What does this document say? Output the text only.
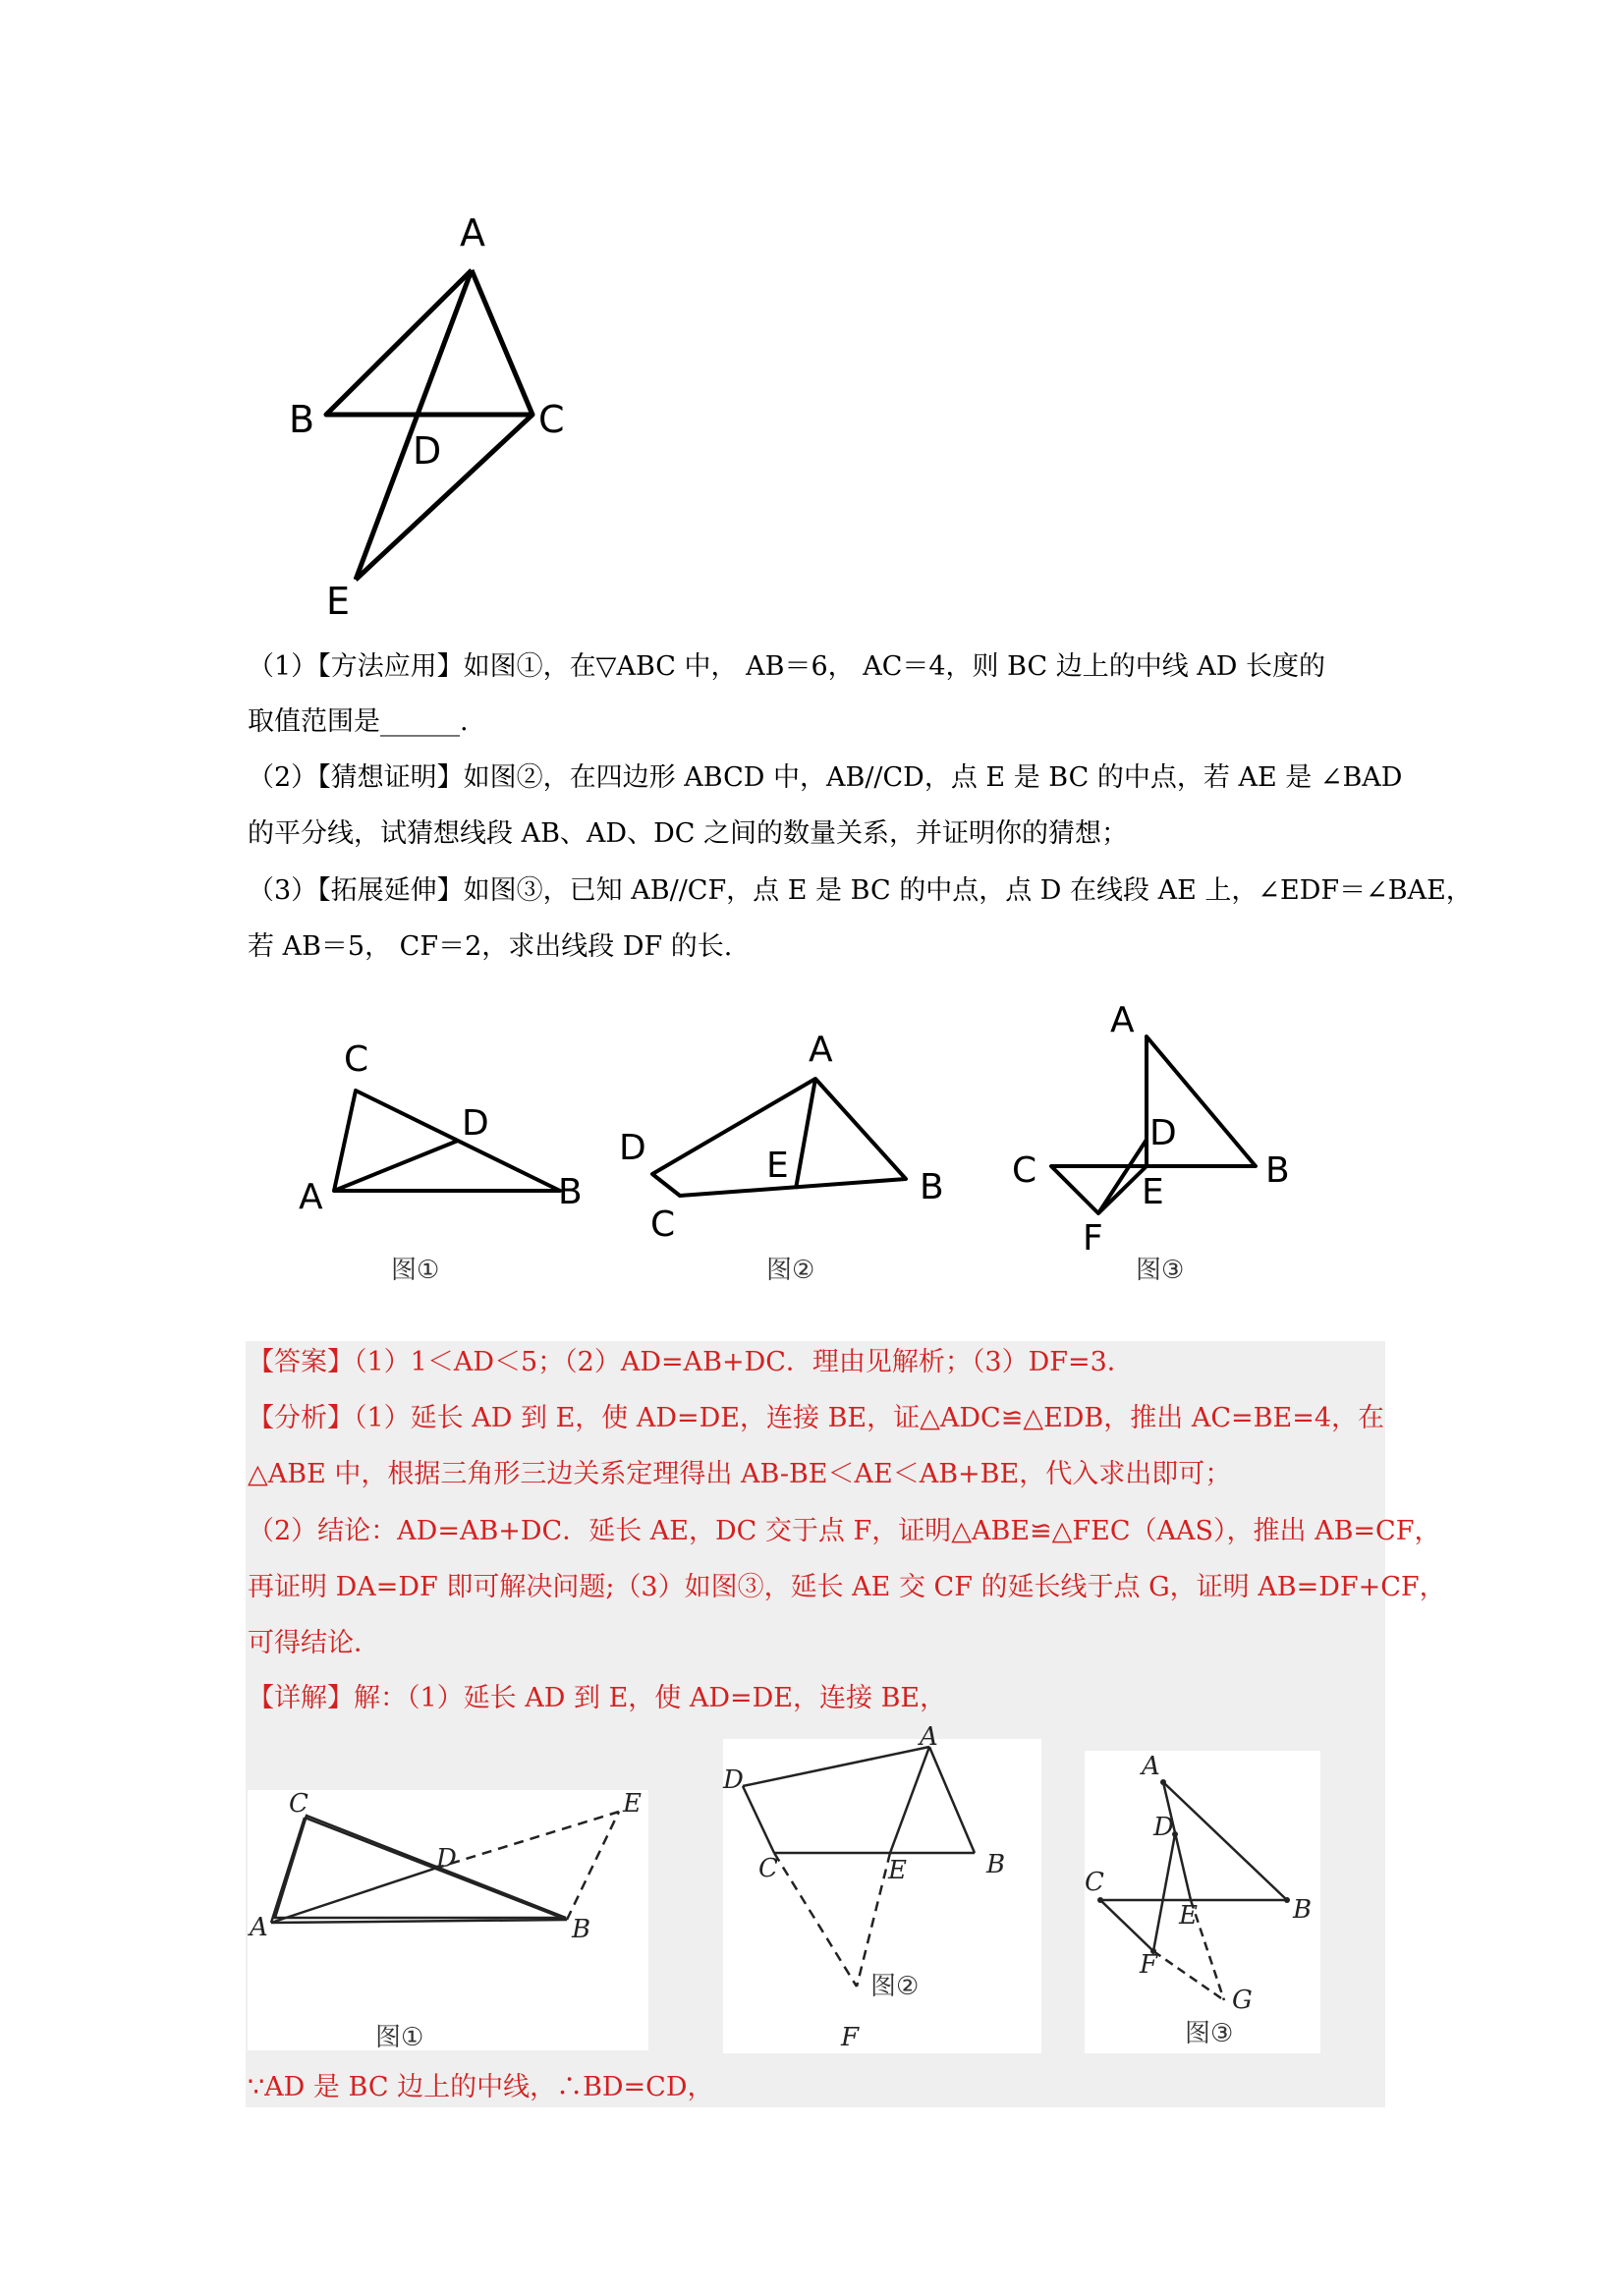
A
B	C
D
E
（1）【方法应用】如图①，在▽ABC 中， AB＝6， AC＝4，则 BC 边上的中线 AD 长度的
取值范围是______.
（2）【猜想证明】如图②，在四边形 ABCD 中，AB//CD，点 E 是 BC 的中点，若 AE 是 ∠BAD
的平分线，试猜想线段 AB、AD、DC 之间的数量关系，并证明你的猜想；
（3）【拓展延伸】如图③，已知 AB//CF，点 E 是 BC 的中点，点 D 在线段 AE 上，∠EDF＝∠BAE，
若 AB＝5， CF＝2，求出线段 DF 的长.
C
D
A	B
图①
A
D	E
C
B
图②
A
D
B
C
E
F
图③
【答案】（1）1＜AD＜5；（2）AD=AB+DC．理由见解析；（3）DF=3．
【分析】（1）延长 AD 到 E，使 AD=DE，连接 BE，证△ADC≌△EDB，推出 AC=BE=4，在
△ABE 中，根据三角形三边关系定理得出 AB-BE＜AE＜AB+BE，代入求出即可；
（2）结论：AD=AB+DC．延长 AE，DC 交于点 F，证明△ABE≌△FEC（AAS），推出 AB=CF，
再证明 DA=DF 即可解决问题;（3）如图③，延长 AE 交 CF 的延长线于点 G，证明 AB=DF+CF，
可得结论．
【详解】解：（1）延长 AD 到 E，使 AD=DE，连接 BE，
C
D
E
A	B
图①
A
D
C	E	B
F
图②
A
D
C
E	B
F
G
图③
∵AD 是 BC 边上的中线，∴BD=CD，
